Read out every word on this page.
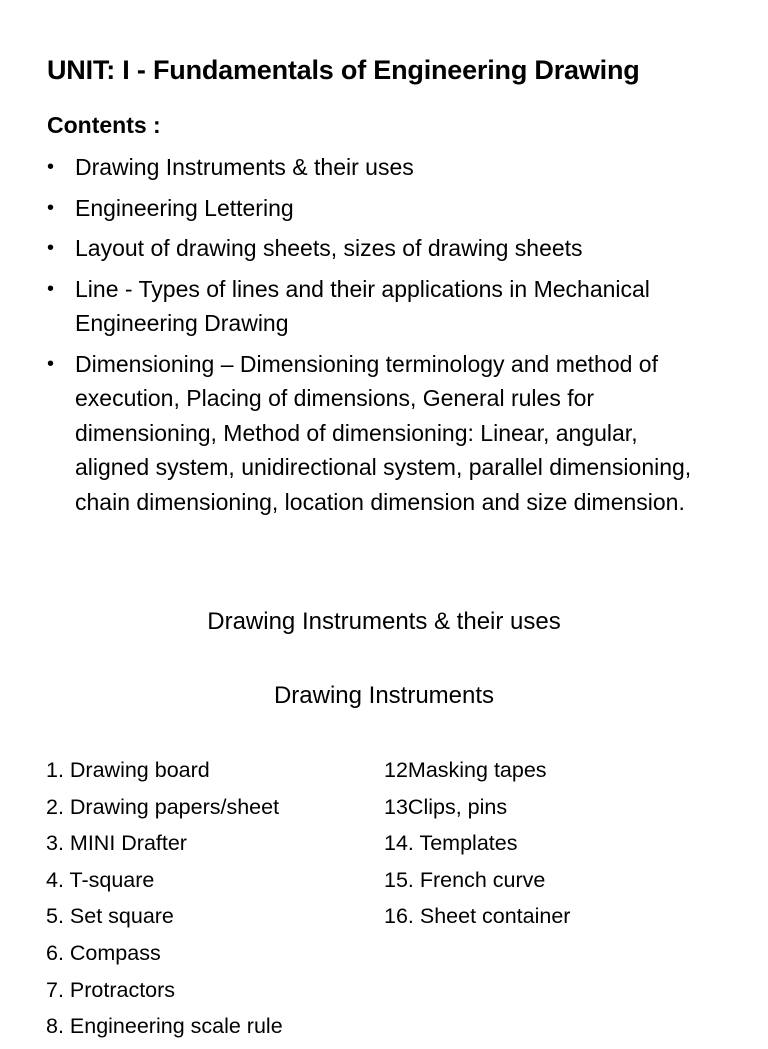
UNIT: I - Fundamentals of Engineering Drawing
Contents :
• Drawing Instruments & their uses
• Engineering Lettering
• Layout of drawing sheets, sizes of drawing sheets
• Line - Types of lines and their applications in Mechanical Engineering Drawing
• Dimensioning – Dimensioning terminology and method of execution, Placing of dimensions, General rules for dimensioning, Method of dimensioning: Linear, angular, aligned system, unidirectional system, parallel dimensioning, chain dimensioning, location dimension and size dimension.
Drawing Instruments & their uses
Drawing Instruments
1. Drawing board
2. Drawing papers/sheet
3. MINI Drafter
4. T-square
5. Set square
6. Compass
7. Protractors
8. Engineering scale rule
12Masking tapes
13Clips, pins
14. Templates
15. French curve
16. Sheet container
